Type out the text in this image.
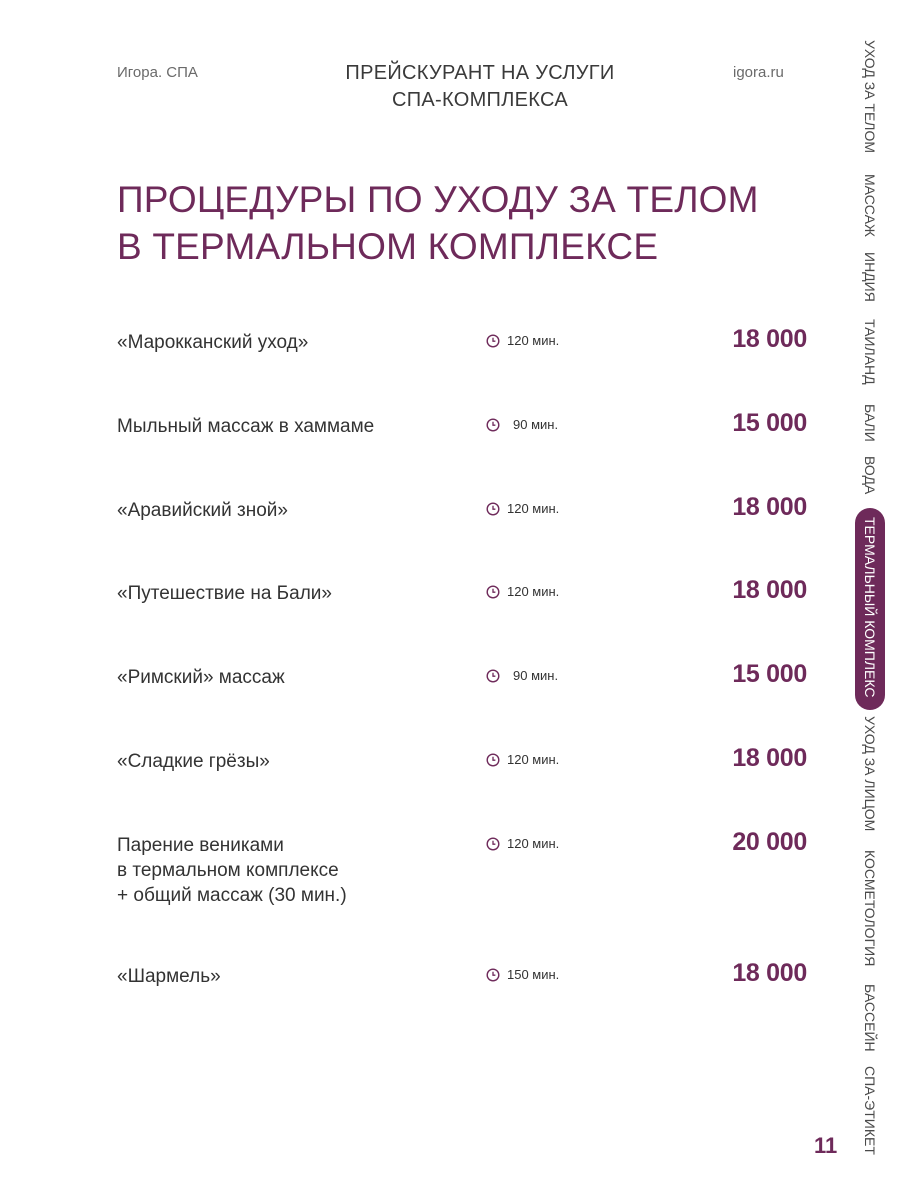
Игора. СПА	ПРЕЙСКУРАНТ НА УСЛУГИ
СПА-КОМПЛЕКСА
igora.ru
ПРОЦЕДУРЫ ПО УХОДУ ЗА ТЕЛОМ
В ТЕРМАЛЬНОМ КОМПЛЕКСЕ
«Марокканский уход»	120 мин.	18 000
Мыльный массаж в хаммаме	90 мин.	15 000
«Аравийский зной»	120 мин.	18 000
«Путешествие на Бали»	120 мин.	18 000
«Римский» массаж	90 мин.	15 000
«Сладкие грёзы»	120 мин.	18 000
Парение вениками
в термальном комплексе
+ общий массаж (30 мин.)
120 мин.	20 000
«Шармель»	150 мин.	18 000
УХОД ЗА ТЕЛОМ
МАССАЖ
ИНДИЯ
ТАИЛАНД
БАЛИ
ВОДА
ТЕРМАЛЬНЫЙ КОМПЛЕКС
УХОД ЗА ЛИЦОМ
КОСМЕТОЛОГИЯ
БАССЕЙН
СПА-ЭТИКЕТ
11
